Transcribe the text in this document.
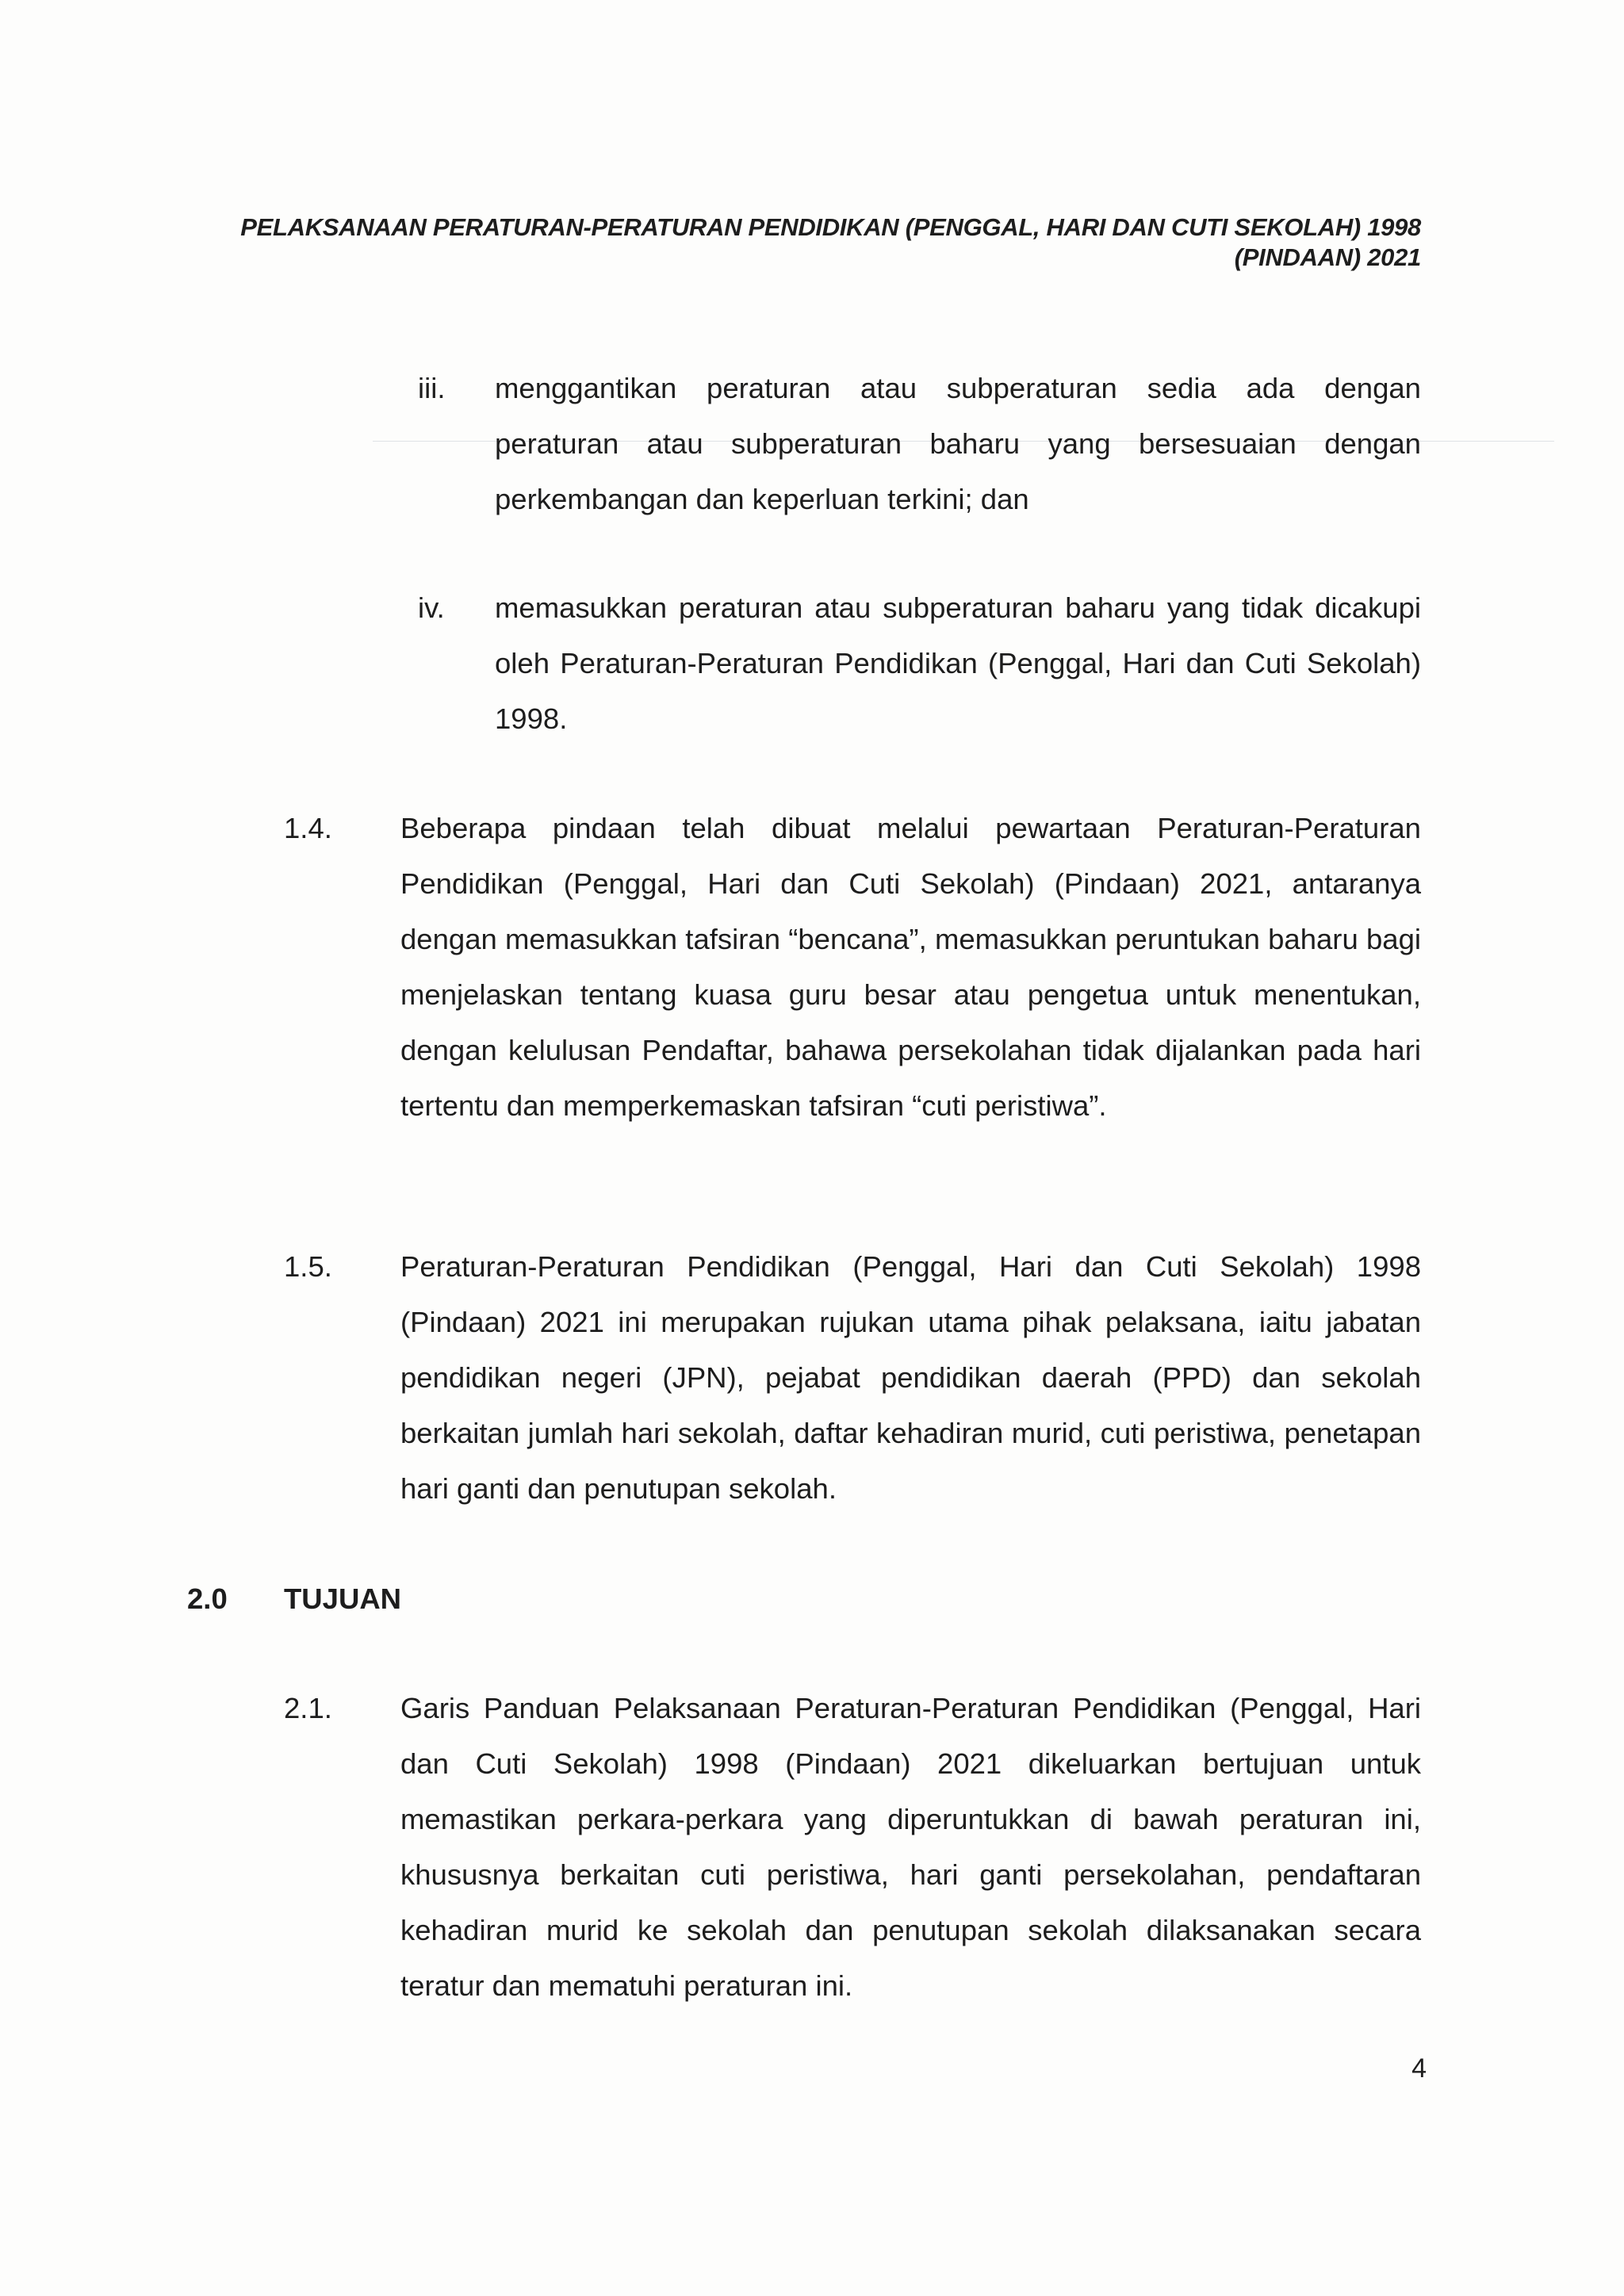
PELAKSANAAN PERATURAN-PERATURAN PENDIDIKAN (PENGGAL, HARI DAN CUTI SEKOLAH) 1998
(PINDAAN) 2021
iii. menggantikan peraturan atau subperaturan sedia ada dengan peraturan atau subperaturan baharu yang bersesuaian dengan perkembangan dan keperluan terkini; dan
iv. memasukkan peraturan atau subperaturan baharu yang tidak dicakupi oleh Peraturan-Peraturan Pendidikan (Penggal, Hari dan Cuti Sekolah) 1998.
1.4. Beberapa pindaan telah dibuat melalui pewartaan Peraturan-Peraturan Pendidikan (Penggal, Hari dan Cuti Sekolah) (Pindaan) 2021, antaranya dengan memasukkan tafsiran “bencana”, memasukkan peruntukan baharu bagi menjelaskan tentang kuasa guru besar atau pengetua untuk menentukan, dengan kelulusan Pendaftar, bahawa persekolahan tidak dijalankan pada hari tertentu dan memperkemaskan tafsiran “cuti peristiwa”.
1.5. Peraturan-Peraturan Pendidikan (Penggal, Hari dan Cuti Sekolah) 1998 (Pindaan) 2021 ini merupakan rujukan utama pihak pelaksana, iaitu jabatan pendidikan negeri (JPN), pejabat pendidikan daerah (PPD) dan sekolah berkaitan jumlah hari sekolah, daftar kehadiran murid, cuti peristiwa, penetapan hari ganti dan penutupan sekolah.
2.0 TUJUAN
2.1. Garis Panduan Pelaksanaan Peraturan-Peraturan Pendidikan (Penggal, Hari dan Cuti Sekolah) 1998 (Pindaan) 2021 dikeluarkan bertujuan untuk memastikan perkara-perkara yang diperuntukkan di bawah peraturan ini, khususnya berkaitan cuti peristiwa, hari ganti persekolahan, pendaftaran kehadiran murid ke sekolah dan penutupan sekolah dilaksanakan secara teratur dan mematuhi peraturan ini.
4
